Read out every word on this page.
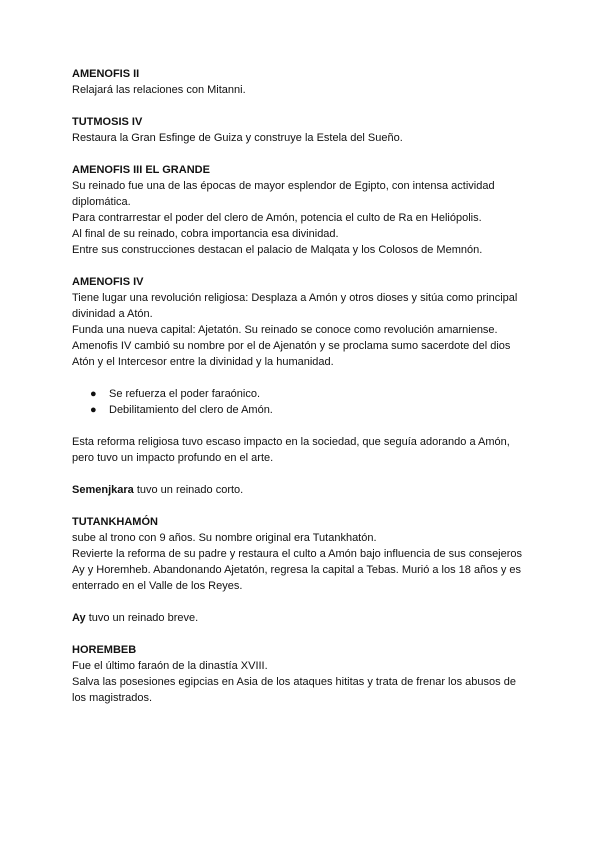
AMENOFIS II

Relajará las relaciones con Mitanni.

TUTMOSIS IV

Restaura la Gran Esfinge de Guiza y construye la Estela del Sueño.

AMENOFIS III EL GRANDE

Su reinado fue una de las épocas de mayor esplendor de Egipto, con intensa actividad

diplomática.

Para contrarrestar el poder del clero de Amón, potencia el culto de Ra en Heliópolis.

Al final de su reinado, cobra importancia esa divinidad.

Entre sus construcciones destacan el palacio de Malqata y los Colosos de Memnón.

AMENOFIS IV

Tiene lugar una revolución religiosa: Desplaza a Amón y otros dioses y sitúa como principal

divinidad a Atón.

Funda una nueva capital: Ajetatón. Su reinado se conoce como revolución amarniense.

Amenofis IV cambió su nombre por el de Ajenatón y se proclama sumo sacerdote del dios

Atón y el Intercesor entre la divinidad y la humanidad.

● Se refuerza el poder faraónico.
● Debilitamiento del clero de Amón.

Esta reforma religiosa tuvo escaso impacto en la sociedad, que seguía adorando a Amón,

pero tuvo un impacto profundo en el arte.

Semenjkara tuvo un reinado corto.

TUTANKHAMÓN

sube al trono con 9 años. Su nombre original era Tutankhatón.

Revierte la reforma de su padre y restaura el culto a Amón bajo influencia de sus consejeros

Ay y Horemheb. Abandonando Ajetatón, regresa la capital a Tebas. Murió a los 18 años y es

enterrado en el Valle de los Reyes.

Ay tuvo un reinado breve.

HOREMBEB

Fue el último faraón de la dinastía XVIII.

Salva las posesiones egipcias en Asia de los ataques hititas y trata de frenar los abusos de

los magistrados.
